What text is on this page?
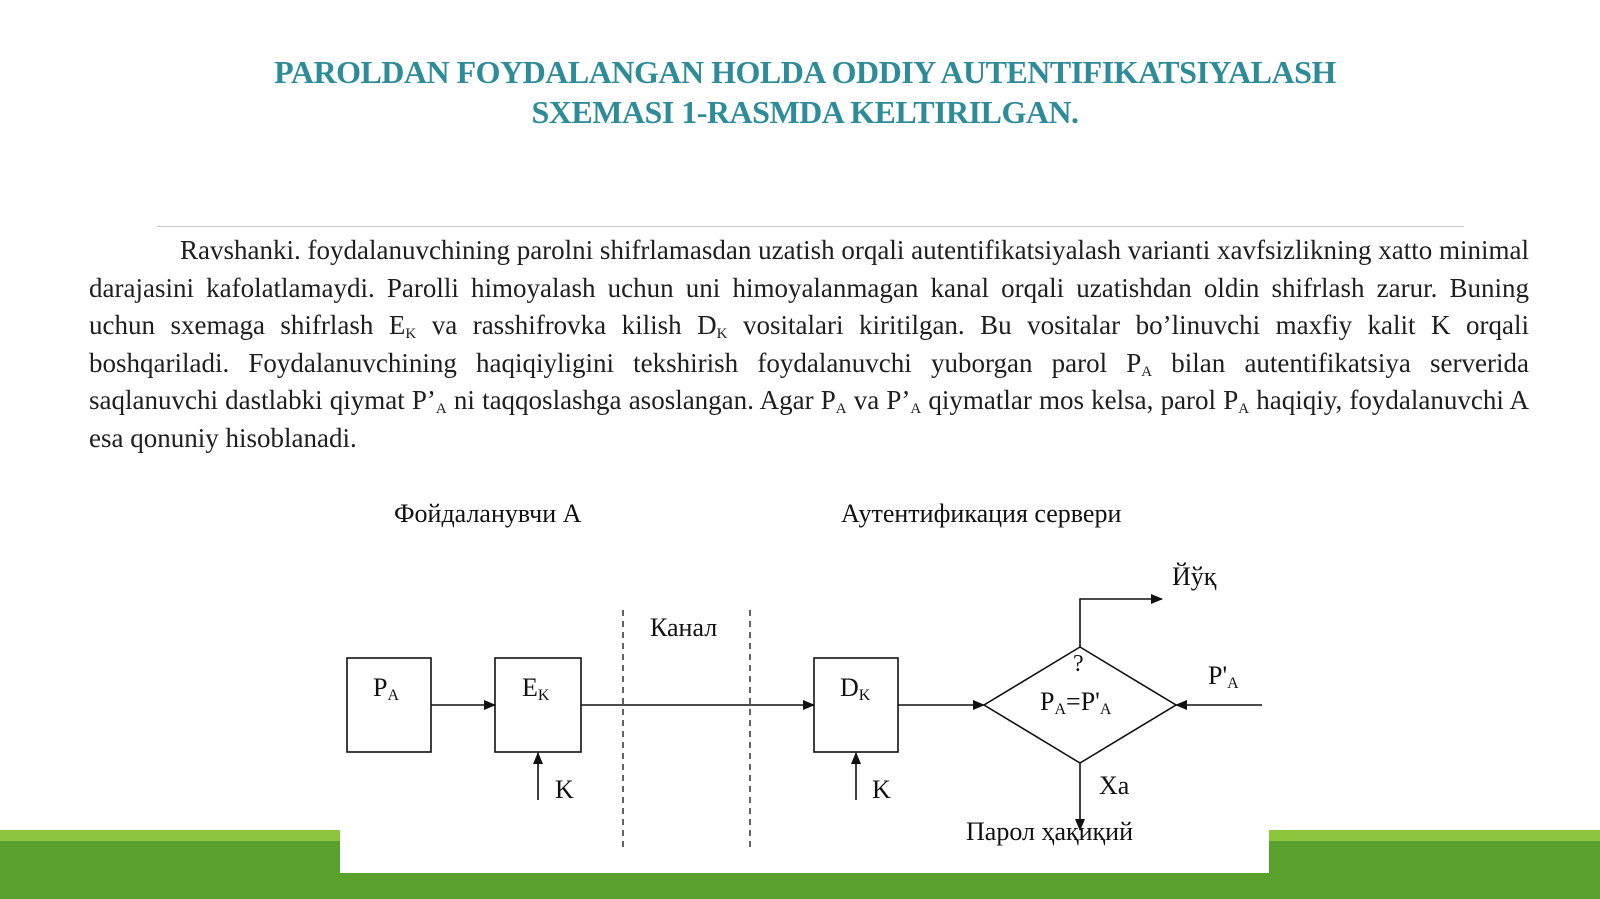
PAROLDAN FOYDALANGAN HOLDA ODDIY AUTENTIFIKATSIYALASH
SXEMASI 1-RASMDA KELTIRILGAN.

Ravshanki. foydalanuvchining parolni shifrlamasdan uzatish orqali autentifikatsiyalash varianti xavfsizlikning xatto minimal darajasini kafolatlamaydi. Parolli himoyalash uchun uni himoyalanmagan kanal orqali uzatishdan oldin shifrlash zarur. Buning uchun sxemaga shifrlash $E_K$ va rasshifrovka kilish $D_K$ vositalari kiritilgan. Bu vositalar bo’linuvchi maxfiy kalit K orqali boshqariladi. Foydalanuvchining haqiqiyligini tekshirish foydalanuvchi yuborgan parol $P_A$ bilan autentifikatsiya serverida saqlanuvchi dastlabki qiymat $P’_A$ ni taqqoslashga asoslangan. Agar $P_A$ va $P’_A$ qiymatlar mos kelsa, parol $P_A$ haqiqiy, foydalanuvchi A esa qonuniy hisoblanadi.

Фойдаланувчи А	Аутентификация сервери
Канал
$P_A$	$E_K$	$D_K$
K	K
?
$P_A=P'_A$
$P'_A$
Йўқ
Ха
Парол ҳақиқий
